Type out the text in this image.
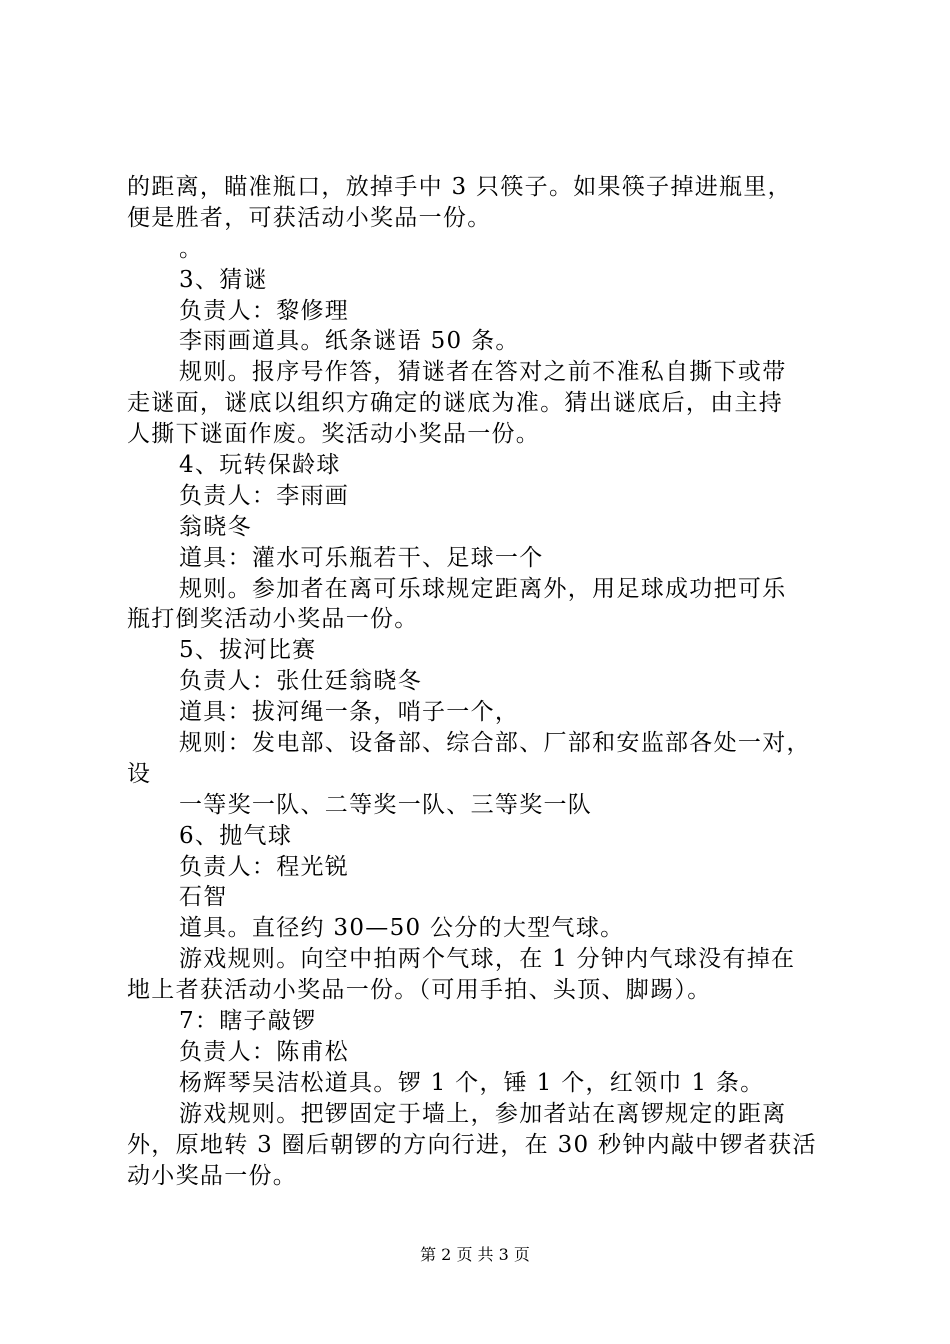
的距离，瞄准瓶口，放掉手中 3 只筷子。如果筷子掉进瓶里，
便是胜者，可获活动小奖品一份。
。
3、猜谜
负责人：黎修理
李雨画道具。纸条谜语 50 条。
规则。报序号作答，猜谜者在答对之前不准私自撕下或带
走谜面，谜底以组织方确定的谜底为准。猜出谜底后，由主持
人撕下谜面作废。奖活动小奖品一份。
4、玩转保龄球
负责人：李雨画
翁晓冬
道具：灌水可乐瓶若干、足球一个
规则。参加者在离可乐球规定距离外，用足球成功把可乐
瓶打倒奖活动小奖品一份。
5、拔河比赛
负责人：张仕廷翁晓冬
道具：拔河绳一条，哨子一个，
规则：发电部、设备部、综合部、厂部和安监部各处一对，
设
一等奖一队、二等奖一队、三等奖一队
6、抛气球
负责人：程光锐
石智
道具。直径约 30—50 公分的大型气球。
游戏规则。向空中拍两个气球，在 1 分钟内气球没有掉在
地上者获活动小奖品一份。（可用手拍、头顶、脚踢）。
7：瞎子敲锣
负责人：陈甫松
杨辉琴吴洁松道具。锣 1 个，锤 1 个，红领巾 1 条。
游戏规则。把锣固定于墙上，参加者站在离锣规定的距离
外，原地转 3 圈后朝锣的方向行进，在 30 秒钟内敲中锣者获活
动小奖品一份。
第 2 页 共 3 页
